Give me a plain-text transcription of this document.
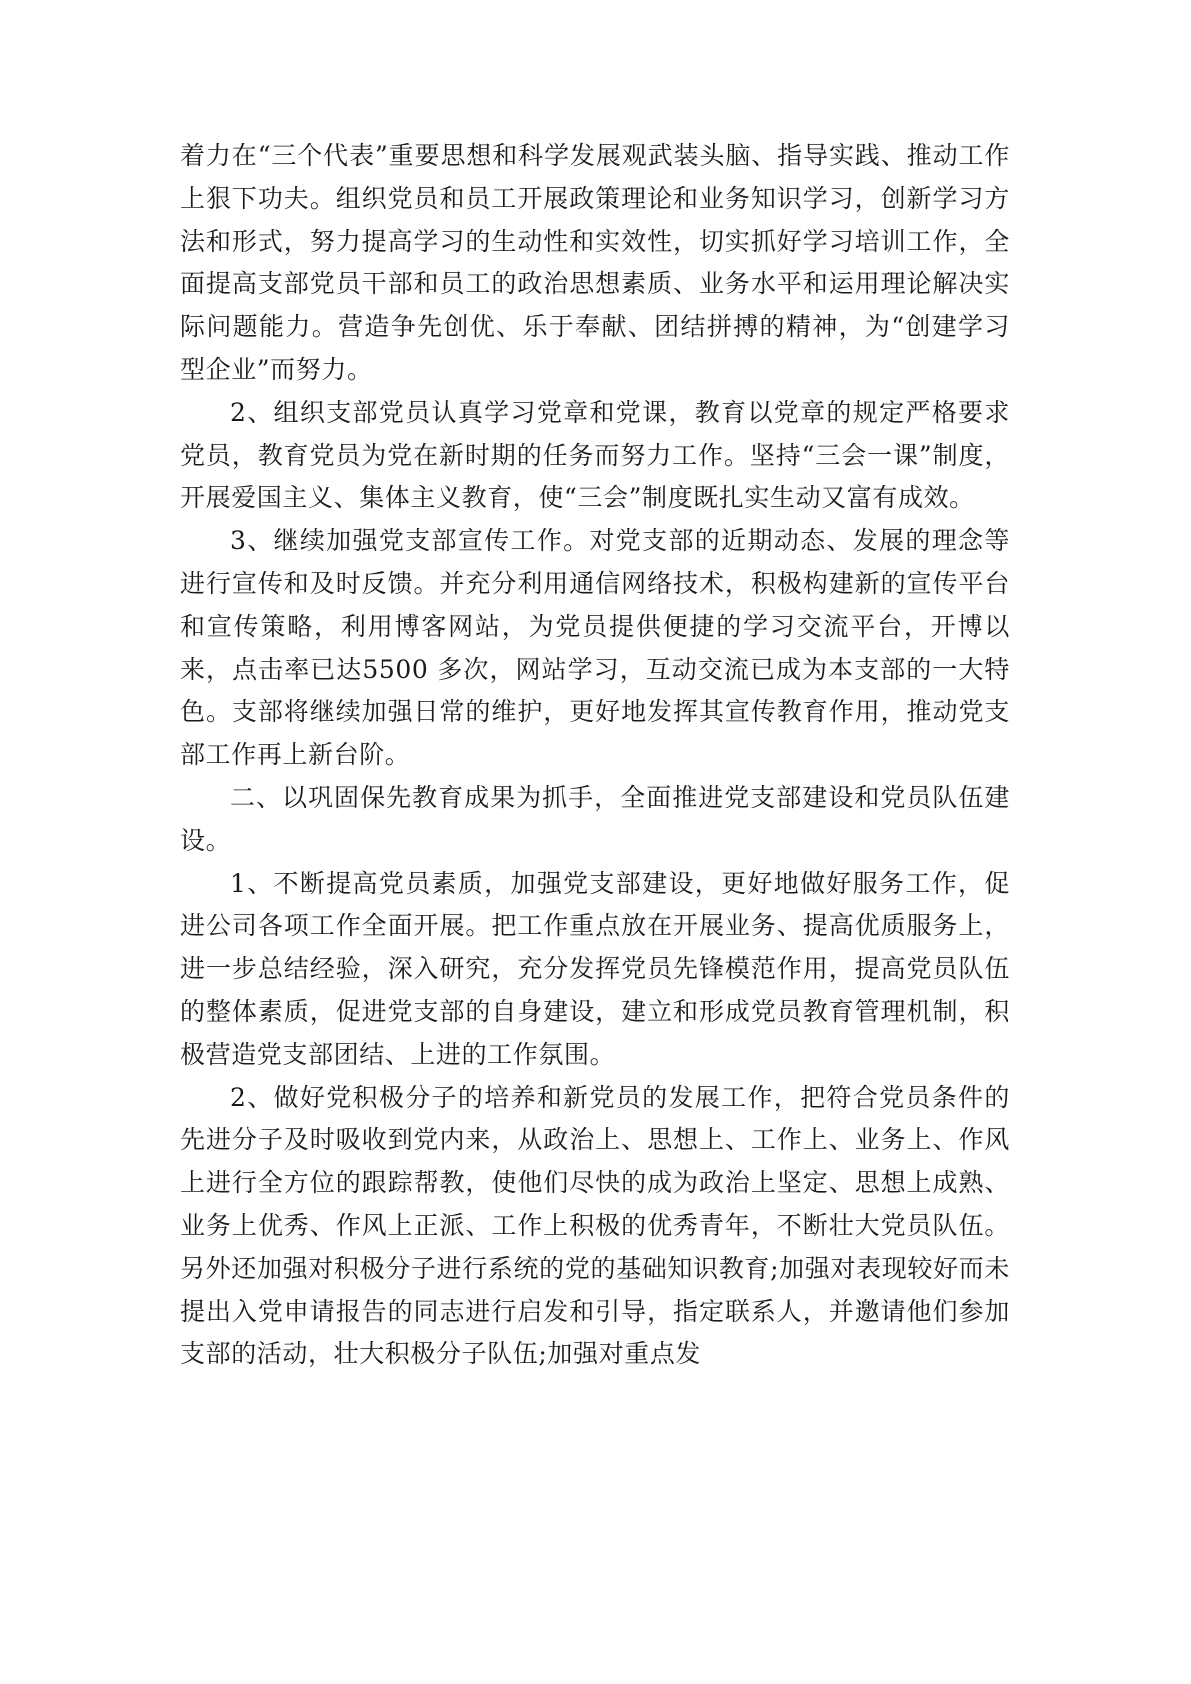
着力在“三个代表”重要思想和科学发展观武装头脑、指导实践、推动工作上狠下功夫。组织党员和员工开展政策理论和业务知识学习，创新学习方法和形式，努力提高学习的生动性和实效性，切实抓好学习培训工作，全面提高支部党员干部和员工的政治思想素质、业务水平和运用理论解决实际问题能力。营造争先创优、乐于奉献、团结拼搏的精神，为“创建学习型企业”而努力。

2、组织支部党员认真学习党章和党课，教育以党章的规定严格要求党员，教育党员为党在新时期的任务而努力工作。坚持“三会一课”制度，开展爱国主义、集体主义教育，使“三会”制度既扎实生动又富有成效。

3、继续加强党支部宣传工作。对党支部的近期动态、发展的理念等进行宣传和及时反馈。并充分利用通信网络技术，积极构建新的宣传平台和宣传策略，利用博客网站，为党员提供便捷的学习交流平台，开博以来，点击率已达5500 多次，网站学习，互动交流已成为本支部的一大特色。支部将继续加强日常的维护，更好地发挥其宣传教育作用，推动党支部工作再上新台阶。

二、以巩固保先教育成果为抓手，全面推进党支部建设和党员队伍建设。

1、不断提高党员素质，加强党支部建设，更好地做好服务工作，促进公司各项工作全面开展。把工作重点放在开展业务、提高优质服务上，进一步总结经验，深入研究，充分发挥党员先锋模范作用，提高党员队伍的整体素质，促进党支部的自身建设，建立和形成党员教育管理机制，积极营造党支部团结、上进的工作氛围。

2、做好党积极分子的培养和新党员的发展工作，把符合党员条件的先进分子及时吸收到党内来，从政治上、思想上、工作上、业务上、作风上进行全方位的跟踪帮教，使他们尽快的成为政治上坚定、思想上成熟、业务上优秀、作风上正派、工作上积极的优秀青年，不断壮大党员队伍。另外还加强对积极分子进行系统的党的基础知识教育;加强对表现较好而未提出入党申请报告的同志进行启发和引导，指定联系人，并邀请他们参加支部的活动，壮大积极分子队伍;加强对重点发
